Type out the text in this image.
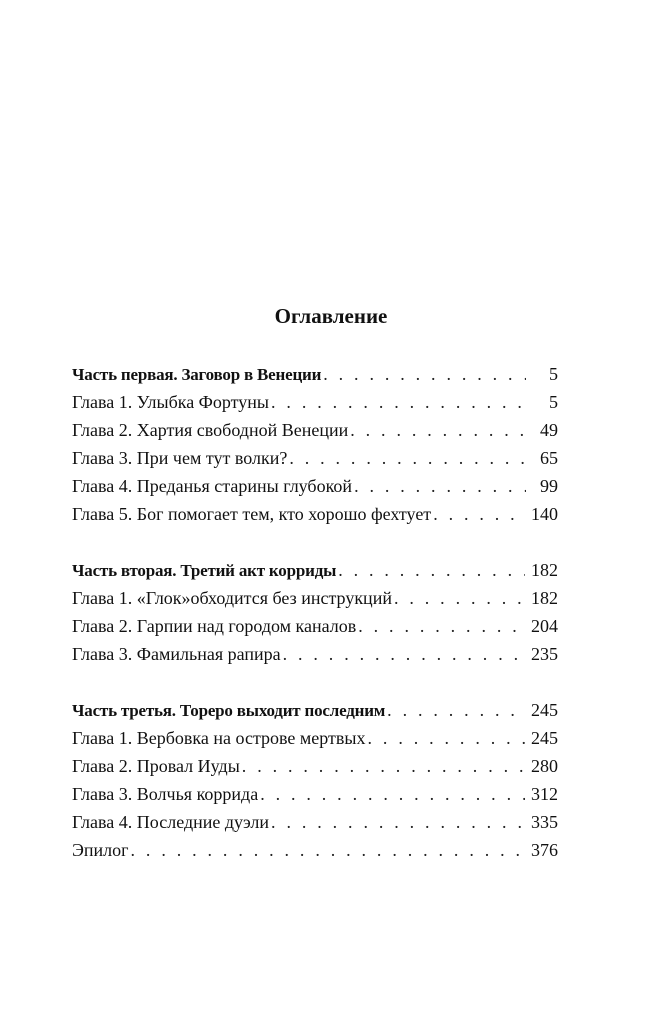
Оглавление
Часть первая. Заговор в Венеции . . .	5
Глава 1. Улыбка Фортуны . . .	5
Глава 2. Хартия свободной Венеции . . .	49
Глава 3. При чем тут волки? . . .	65
Глава 4. Преданья старины глубокой . . .	99
Глава 5. Бог помогает тем, кто хорошо фехтует . . .	140
Часть вторая. Третий акт корриды . . .	182
Глава 1. «Глок»обходится без инструкций . . .	182
Глава 2. Гарпии над городом каналов . . .	204
Глава 3. Фамильная рапира . . .	235
Часть третья. Тореро выходит последним . . .	245
Глава 1. Вербовка на острове мертвых . . .	245
Глава 2. Провал Иуды . . .	280
Глава 3. Волчья коррида . . .	312
Глава 4. Последние дуэли . . .	335
Эпилог . . .	376
